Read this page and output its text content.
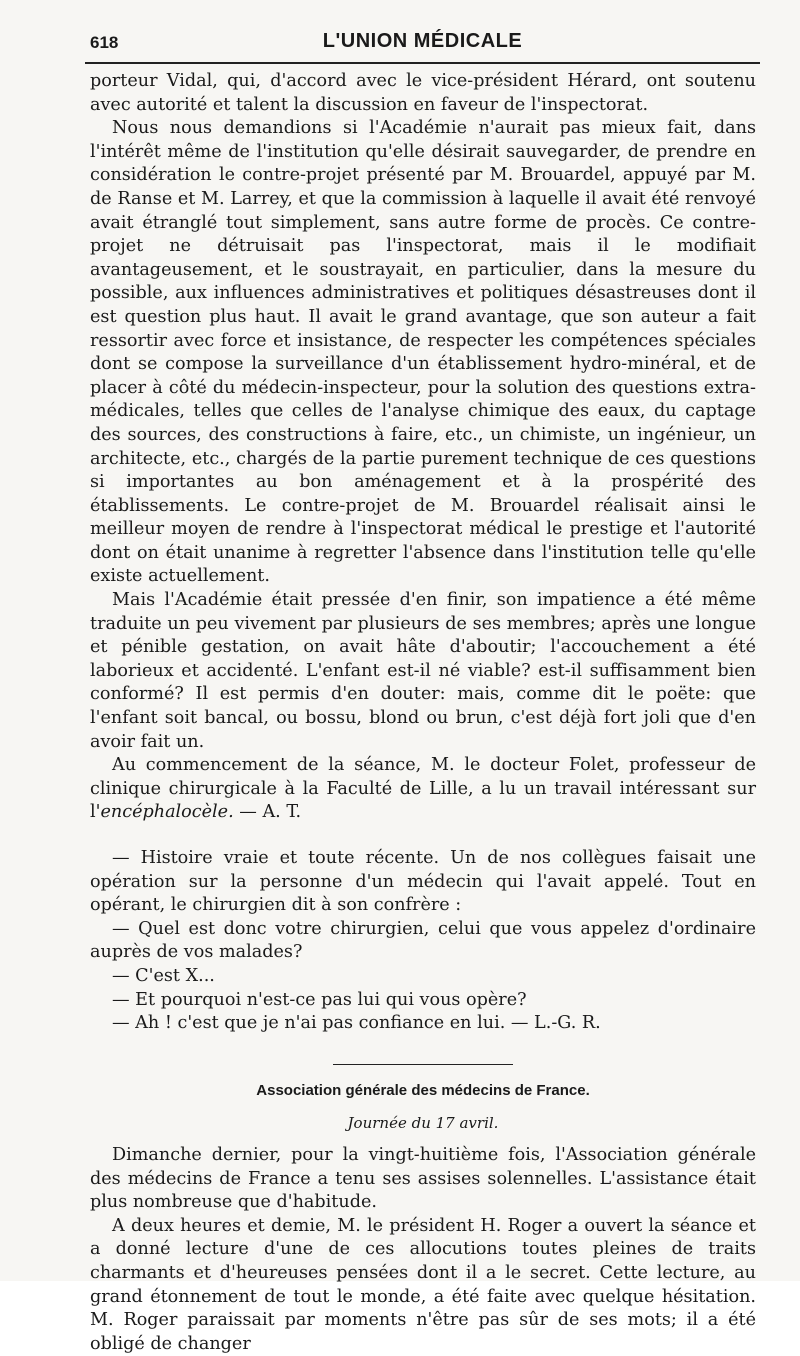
618	L'UNION MÉDICALE

porteur Vidal, qui, d'accord avec le vice-président Hérard, ont soutenu avec autorité et talent la discussion en faveur de l'inspectorat.

Nous nous demandions si l'Académie n'aurait pas mieux fait, dans l'intérêt même de l'institution qu'elle désirait sauvegarder, de prendre en considération le contre-projet présenté par M. Brouardel, appuyé par M. de Ranse et M. Larrey, et que la commission à laquelle il avait été renvoyé avait étranglé tout simplement, sans autre forme de procès. Ce contre-projet ne détruisait pas l'inspectorat, mais il le modifiait avantageusement, et le soustrayait, en particulier, dans la mesure du possible, aux influences administratives et politiques désastreuses dont il est question plus haut. Il avait le grand avantage, que son auteur a fait ressortir avec force et insistance, de respecter les compétences spéciales dont se compose la surveillance d'un établissement hydro-minéral, et de placer à côté du médecin-inspecteur, pour la solution des questions extra-médicales, telles que celles de l'analyse chimique des eaux, du captage des sources, des constructions à faire, etc., un chimiste, un ingénieur, un architecte, etc., chargés de la partie purement technique de ces questions si importantes au bon aménagement et à la prospérité des établissements. Le contre-projet de M. Brouardel réalisait ainsi le meilleur moyen de rendre à l'inspectorat médical le prestige et l'autorité dont on était unanime à regretter l'absence dans l'institution telle qu'elle existe actuellement.

Mais l'Académie était pressée d'en finir, son impatience a été même traduite un peu vivement par plusieurs de ses membres; après une longue et pénible gestation, on avait hâte d'aboutir; l'accouchement a été laborieux et accidenté. L'enfant est-il né viable? est-il suffisamment bien conformé? Il est permis d'en douter: mais, comme dit le poëte: que l'enfant soit bancal, ou bossu, blond ou brun, c'est déjà fort joli que d'en avoir fait un.

Au commencement de la séance, M. le docteur Folet, professeur de clinique chirurgicale à la Faculté de Lille, a lu un travail intéressant sur l'encéphalocèle. — A. T.

— Histoire vraie et toute récente. Un de nos collègues faisait une opération sur la personne d'un médecin qui l'avait appelé. Tout en opérant, le chirurgien dit à son confrère :

— Quel est donc votre chirurgien, celui que vous appelez d'ordinaire auprès de vos malades?

— C'est X...

— Et pourquoi n'est-ce pas lui qui vous opère?

— Ah ! c'est que je n'ai pas confiance en lui. — L.-G. R.

Association générale des médecins de France.
Journée du 17 avril.

Dimanche dernier, pour la vingt-huitième fois, l'Association générale des médecins de France a tenu ses assises solennelles. L'assistance était plus nombreuse que d'habitude.

A deux heures et demie, M. le président H. Roger a ouvert la séance et a donné lecture d'une de ces allocutions toutes pleines de traits charmants et d'heureuses pensées dont il a le secret. Cette lecture, au grand étonnement de tout le monde, a été faite avec quelque hésitation. M. Roger paraissait par moments n'être pas sûr de ses mots; il a été obligé de changer
